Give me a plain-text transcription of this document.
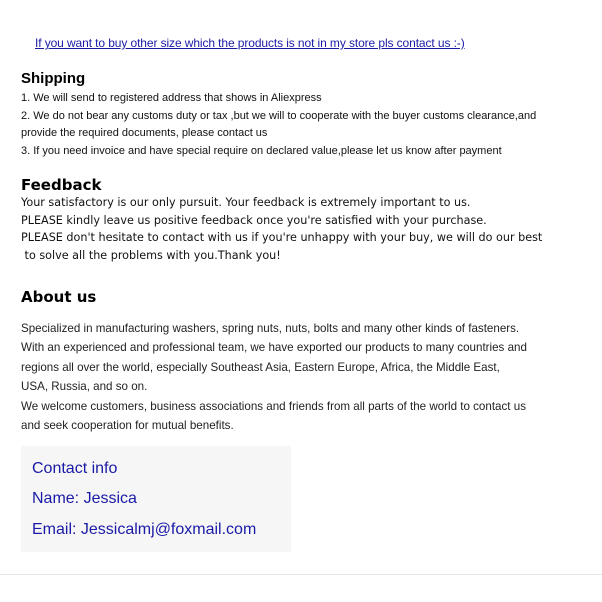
If you want to buy other size which the products is not in my store pls contact us :-)
Shipping
1. We will send to registered address that shows in Aliexpress
2. We do not bear any customs duty or tax ,but we will to cooperate with the buyer customs clearance,and
provide the required documents, please contact us
3. If you need invoice and have special require on declared value,please let us know after payment
Feedback
Your satisfactory is our only pursuit. Your feedback is extremely important to us.
PLEASE kindly leave us positive feedback once you're satisfied with your purchase.
PLEASE don't hesitate to contact with us if you're unhappy with your buy, we will do our best
to solve all the problems with you.Thank you!
About us
Specialized in manufacturing washers, spring nuts, nuts, bolts and many other kinds of fasteners.
With an experienced and professional team, we have exported our products to many countries and
regions all over the world, especially Southeast Asia, Eastern Europe, Africa, the Middle East,
USA, Russia, and so on.
We welcome customers, business associations and friends from all parts of the world to contact us
and seek cooperation for mutual benefits.
Contact info
Name: Jessica
Email: Jessicalmj@foxmail.com
